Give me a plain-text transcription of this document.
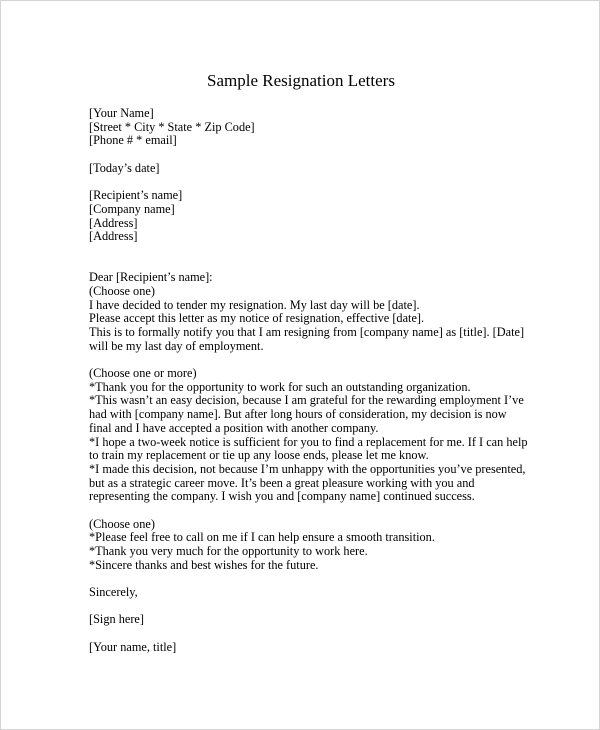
Sample Resignation Letters
[Your Name]
[Street * City * State * Zip Code]
[Phone # * email]
[Today’s date]
[Recipient’s name]
[Company name]
[Address]
[Address]
Dear [Recipient’s name]:
(Choose one)
I have decided to tender my resignation. My last day will be [date].
Please accept this letter as my notice of resignation, effective [date].
This is to formally notify you that I am resigning from [company name] as [title]. [Date]
will be my last day of employment.
(Choose one or more)
*Thank you for the opportunity to work for such an outstanding organization.
*This wasn’t an easy decision, because I am grateful for the rewarding employment I’ve
had with [company name]. But after long hours of consideration, my decision is now
final and I have accepted a position with another company.
*I hope a two-week notice is sufficient for you to find a replacement for me. If I can help
to train my replacement or tie up any loose ends, please let me know.
*I made this decision, not because I’m unhappy with the opportunities you’ve presented,
but as a strategic career move. It’s been a great pleasure working with you and
representing the company. I wish you and [company name] continued success.
(Choose one)
*Please feel free to call on me if I can help ensure a smooth transition.
*Thank you very much for the opportunity to work here.
*Sincere thanks and best wishes for the future.
Sincerely,
[Sign here]
[Your name, title]
